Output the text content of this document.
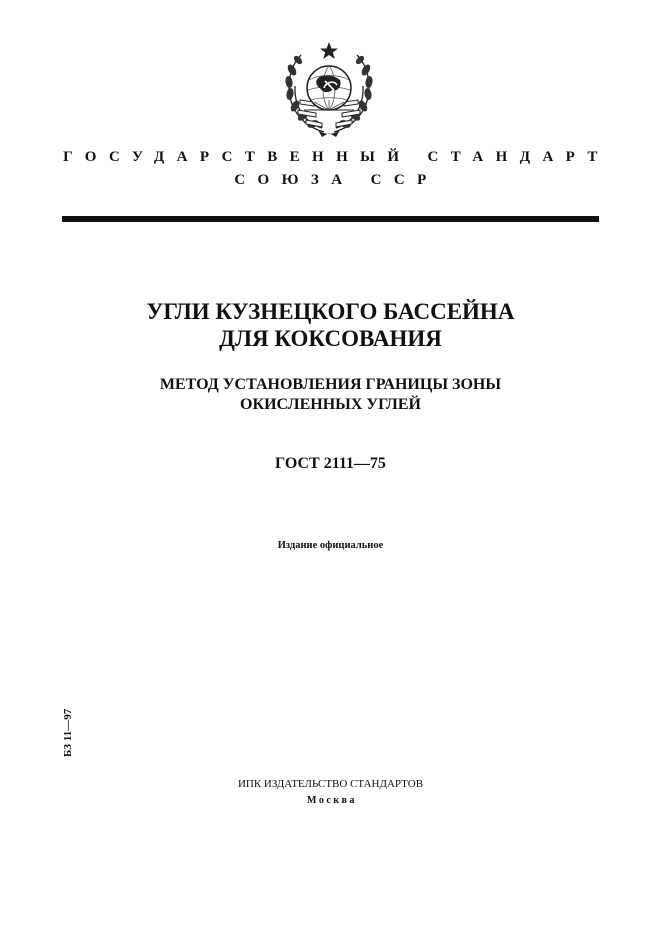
ГОСУДАРСТВЕННЫЙ СТАНДАРТ
СОЮЗА ССР
УГЛИ КУЗНЕЦКОГО БАССЕЙНА
ДЛЯ КОКСОВАНИЯ
МЕТОД УСТАНОВЛЕНИЯ ГРАНИЦЫ ЗОНЫ
ОКИСЛЕННЫХ УГЛЕЙ
ГОСТ 2111—75
Издание официальное
БЗ 11—97
ИПК ИЗДАТЕЛЬСТВО СТАНДАРТОВ
Москва
